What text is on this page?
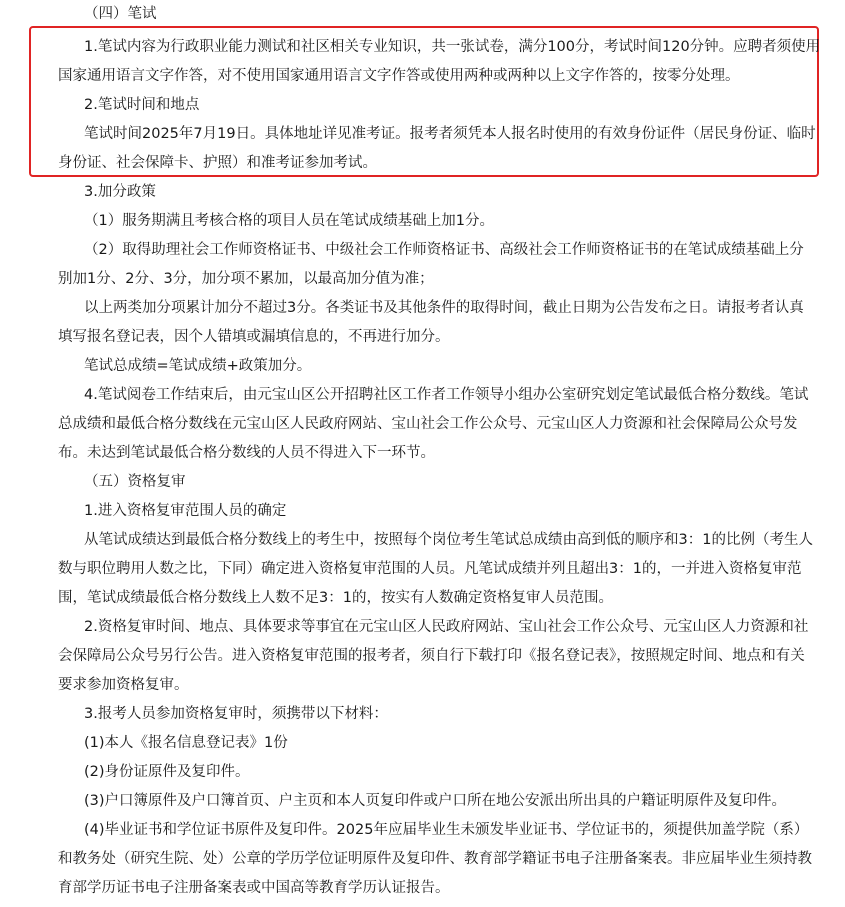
（四）笔试
1.笔试内容为行政职业能力测试和社区相关专业知识，共一张试卷，满分100分，考试时间120分钟。应聘者须使用
国家通用语言文字作答，对不使用国家通用语言文字作答或使用两种或两种以上文字作答的，按零分处理。
2.笔试时间和地点
笔试时间2025年7月19日。具体地址详见准考证。报考者须凭本人报名时使用的有效身份证件（居民身份证、临时
身份证、社会保障卡、护照）和准考证参加考试。
3.加分政策
（1）服务期满且考核合格的项目人员在笔试成绩基础上加1分。
（2）取得助理社会工作师资格证书、中级社会工作师资格证书、高级社会工作师资格证书的在笔试成绩基础上分
别加1分、2分、3分，加分项不累加，以最高加分值为准；
以上两类加分项累计加分不超过3分。各类证书及其他条件的取得时间，截止日期为公告发布之日。请报考者认真
填写报名登记表，因个人错填或漏填信息的，不再进行加分。
笔试总成绩=笔试成绩+政策加分。
4.笔试阅卷工作结束后，由元宝山区公开招聘社区工作者工作领导小组办公室研究划定笔试最低合格分数线。笔试
总成绩和最低合格分数线在元宝山区人民政府网站、宝山社会工作公众号、元宝山区人力资源和社会保障局公众号发
布。未达到笔试最低合格分数线的人员不得进入下一环节。
（五）资格复审
1.进入资格复审范围人员的确定
从笔试成绩达到最低合格分数线上的考生中，按照每个岗位考生笔试总成绩由高到低的顺序和3：1的比例（考生人
数与职位聘用人数之比，下同）确定进入资格复审范围的人员。凡笔试成绩并列且超出3：1的，一并进入资格复审范
围，笔试成绩最低合格分数线上人数不足3：1的，按实有人数确定资格复审人员范围。
2.资格复审时间、地点、具体要求等事宜在元宝山区人民政府网站、宝山社会工作公众号、元宝山区人力资源和社
会保障局公众号另行公告。进入资格复审范围的报考者，须自行下载打印《报名登记表》，按照规定时间、地点和有关
要求参加资格复审。
3.报考人员参加资格复审时，须携带以下材料：
(1)本人《报名信息登记表》1份
(2)身份证原件及复印件。
(3)户口簿原件及户口簿首页、户主页和本人页复印件或户口所在地公安派出所出具的户籍证明原件及复印件。
(4)毕业证书和学位证书原件及复印件。2025年应届毕业生未颁发毕业证书、学位证书的，须提供加盖学院（系）
和教务处（研究生院、处）公章的学历学位证明原件及复印件、教育部学籍证书电子注册备案表。非应届毕业生须持教
育部学历证书电子注册备案表或中国高等教育学历认证报告。
